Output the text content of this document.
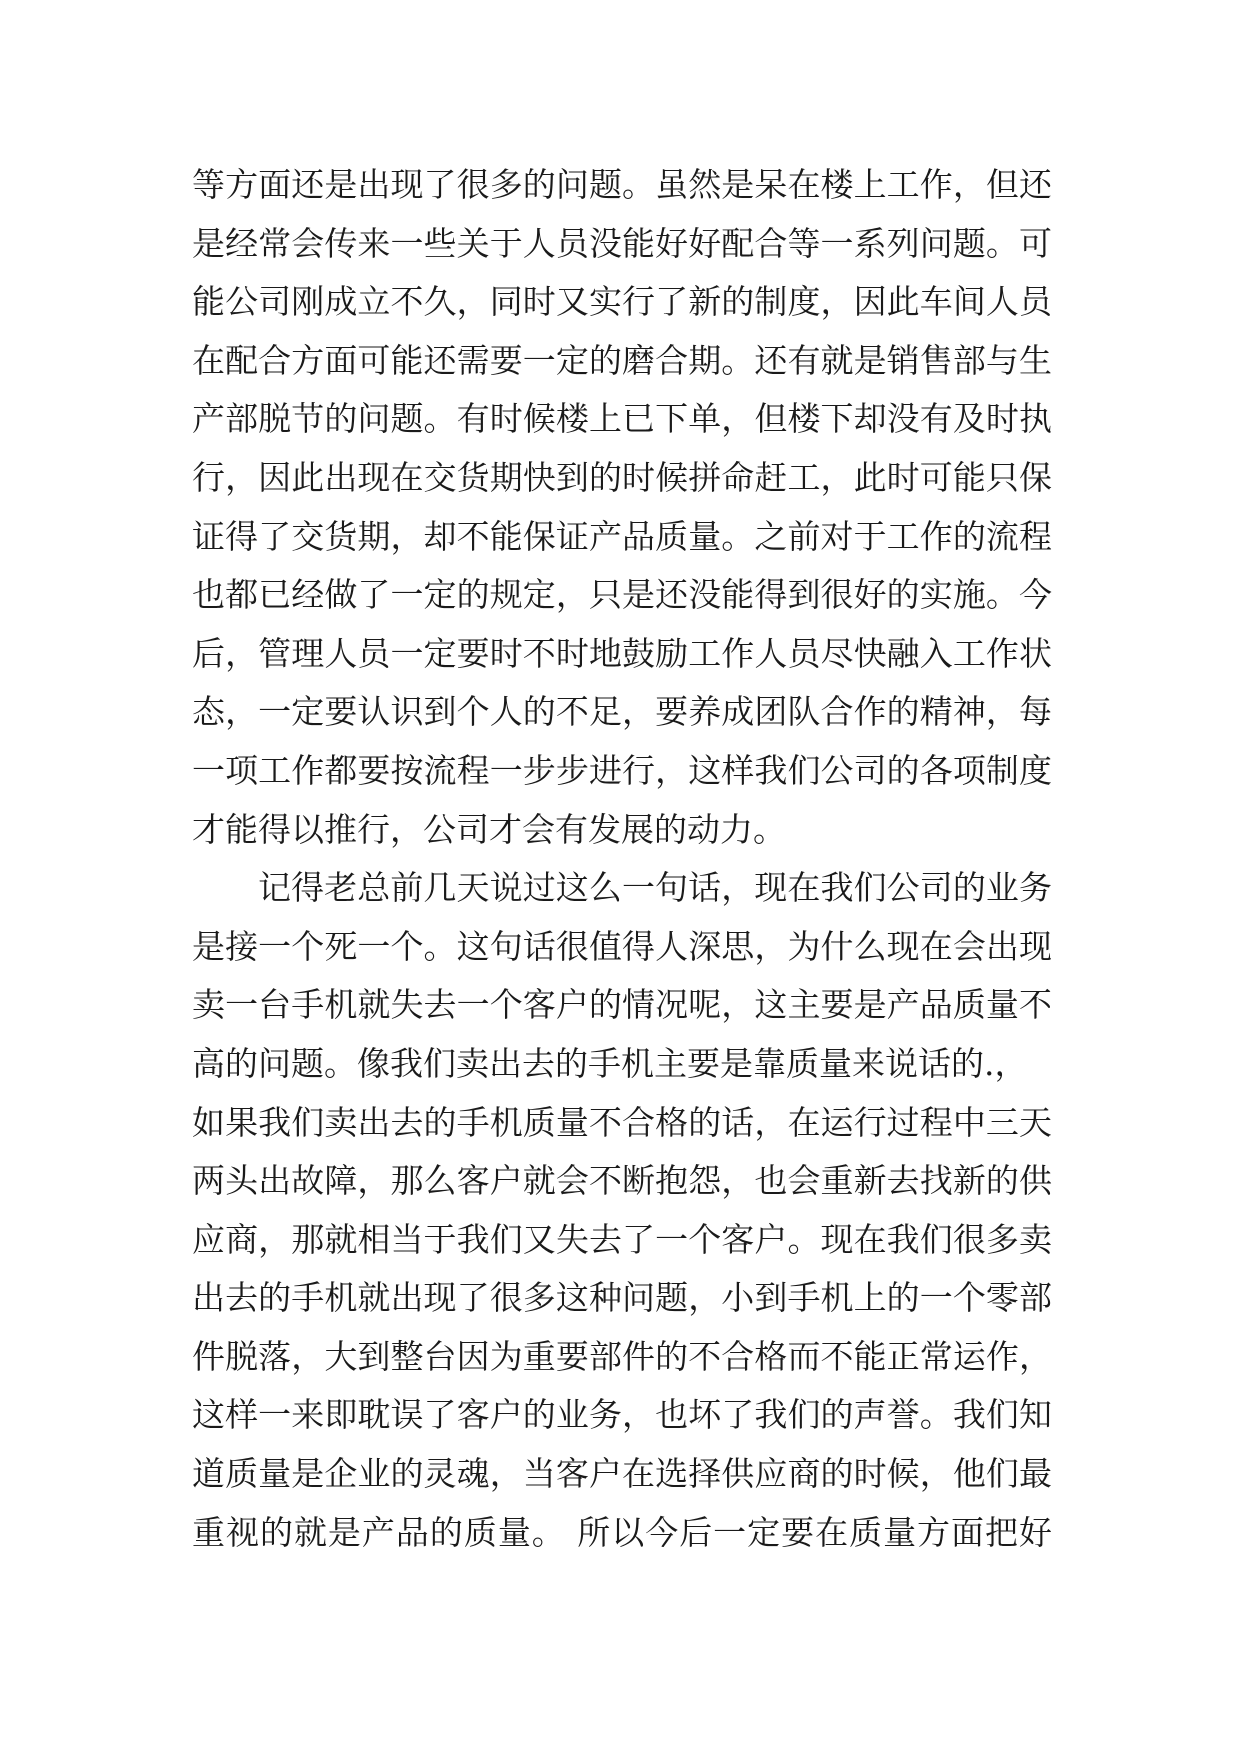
等方面还是出现了很多的问题。虽然是呆在楼上工作，但还
是经常会传来一些关于人员没能好好配合等一系列问题。可
能公司刚成立不久，同时又实行了新的制度，因此车间人员
在配合方面可能还需要一定的磨合期。还有就是销售部与生
产部脱节的问题。有时候楼上已下单，但楼下却没有及时执
行，因此出现在交货期快到的时候拼命赶工，此时可能只保
证得了交货期，却不能保证产品质量。之前对于工作的流程
也都已经做了一定的规定，只是还没能得到很好的实施。今
后，管理人员一定要时不时地鼓励工作人员尽快融入工作状
态，一定要认识到个人的不足，要养成团队合作的精神，每
一项工作都要按流程一步步进行，这样我们公司的各项制度
才能得以推行，公司才会有发展的动力。
记得老总前几天说过这么一句话，现在我们公司的业务
是接一个死一个。这句话很值得人深思，为什么现在会出现
卖一台手机就失去一个客户的情况呢，这主要是产品质量不
高的问题。像我们卖出去的手机主要是靠质量来说话的.，
如果我们卖出去的手机质量不合格的话，在运行过程中三天
两头出故障，那么客户就会不断抱怨，也会重新去找新的供
应商，那就相当于我们又失去了一个客户。现在我们很多卖
出去的手机就出现了很多这种问题，小到手机上的一个零部
件脱落，大到整台因为重要部件的不合格而不能正常运作，
这样一来即耽误了客户的业务，也坏了我们的声誉。我们知
道质量是企业的灵魂，当客户在选择供应商的时候，他们最
重视的就是产品的质量。 所以今后一定要在质量方面把好
